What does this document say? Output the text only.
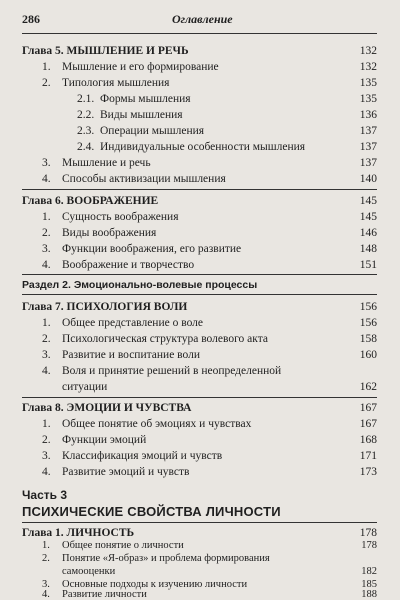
286	Оглавление
Глава 5. МЫШЛЕНИЕ И РЕЧЬ	132
1. Мышление и его формирование	132
2. Типология мышления	135
2.1. Формы мышления	135
2.2. Виды мышления	136
2.3. Операции мышления	137
2.4. Индивидуальные особенности мышления	137
3. Мышление и речь	137
4. Способы активизации мышления	140
Глава 6. ВООБРАЖЕНИЕ	145
1. Сущность воображения	145
2. Виды воображения	146
3. Функции воображения, его развитие	148
4. Воображение и творчество	151
Раздел 2. Эмоционально-волевые процессы
Глава 7. ПСИХОЛОГИЯ ВОЛИ	156
1. Общее представление о воле	156
2. Психологическая структура волевого акта	158
3. Развитие и воспитание воли	160
4. Воля и принятие решений в неопределенной
ситуации	162
Глава 8. ЭМОЦИИ И ЧУВСТВА	167
1. Общее понятие об эмоциях и чувствах	167
2. Функции эмоций	168
3. Классификация эмоций и чувств	171
4. Развитие эмоций и чувств	173
Часть 3
ПСИХИЧЕСКИЕ СВОЙСТВА ЛИЧНОСТИ
Глава 1. ЛИЧНОСТЬ	178
1. Общее понятие о личности	178
2. Понятие «Я-образ» и проблема формирования
самооценки	182
3. Основные подходы к изучению личности	185
4. Развитие личности	188
